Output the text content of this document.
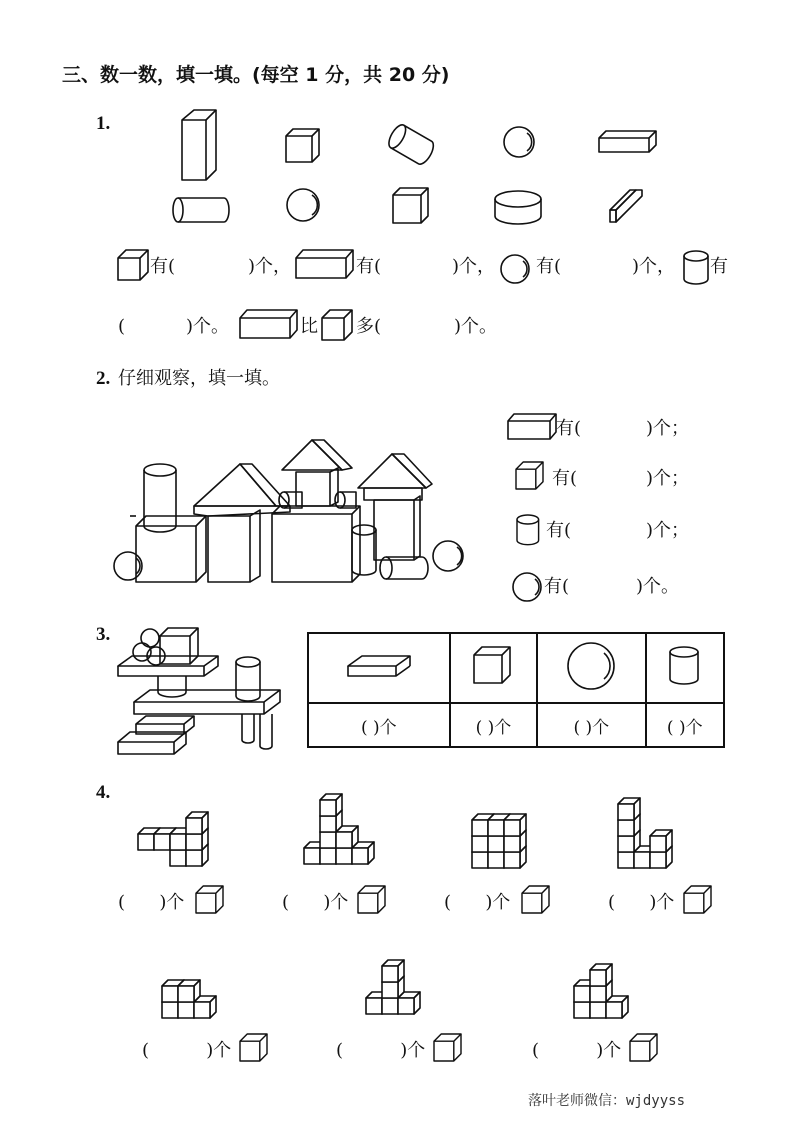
三、数一数，填一填。(每空 1 分，共 20 分)
1.
有(	)个，	有(	)个， 有(	)个， 有
(	)个。	比 多(	)个。
2. 仔细观察，填一填。
有(	)个；
有(	)个；
有(	)个；
有(	)个。
3.

( )个	( )个	( )个	( )个
4.
(      )个	(      )个	(      )个	(      )个
(          )个	(          )个	(          )个
落叶老师微信：wjdyyss
